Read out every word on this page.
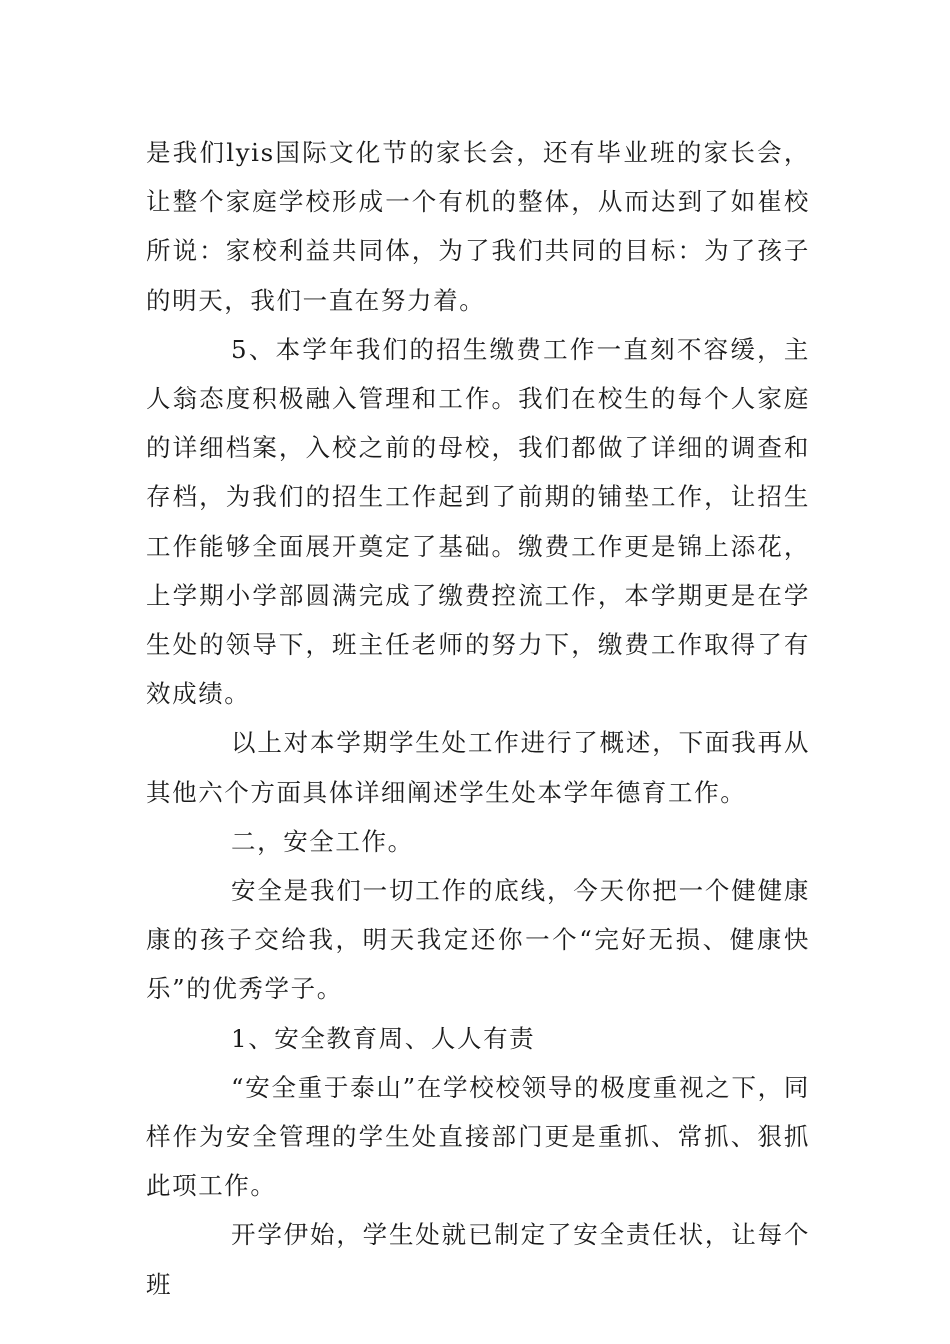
是我们lyis国际文化节的家长会，还有毕业班的家长会，让整个家庭学校形成一个有机的整体，从而达到了如崔校所说：家校利益共同体，为了我们共同的目标：为了孩子的明天，我们一直在努力着。

5、本学年我们的招生缴费工作一直刻不容缓，主人翁态度积极融入管理和工作。我们在校生的每个人家庭的详细档案，入校之前的母校，我们都做了详细的调查和存档，为我们的招生工作起到了前期的铺垫工作，让招生工作能够全面展开奠定了基础。缴费工作更是锦上添花，上学期小学部圆满完成了缴费控流工作，本学期更是在学生处的领导下，班主任老师的努力下，缴费工作取得了有效成绩。

以上对本学期学生处工作进行了概述，下面我再从其他六个方面具体详细阐述学生处本学年德育工作。

二，安全工作。

安全是我们一切工作的底线，今天你把一个健健康康的孩子交给我，明天我定还你一个“完好无损、健康快乐”的优秀学子。

1、安全教育周、人人有责

“安全重于泰山”在学校校领导的极度重视之下，同样作为安全管理的学生处直接部门更是重抓、常抓、狠抓此项工作。

开学伊始，学生处就已制定了安全责任状，让每个班
